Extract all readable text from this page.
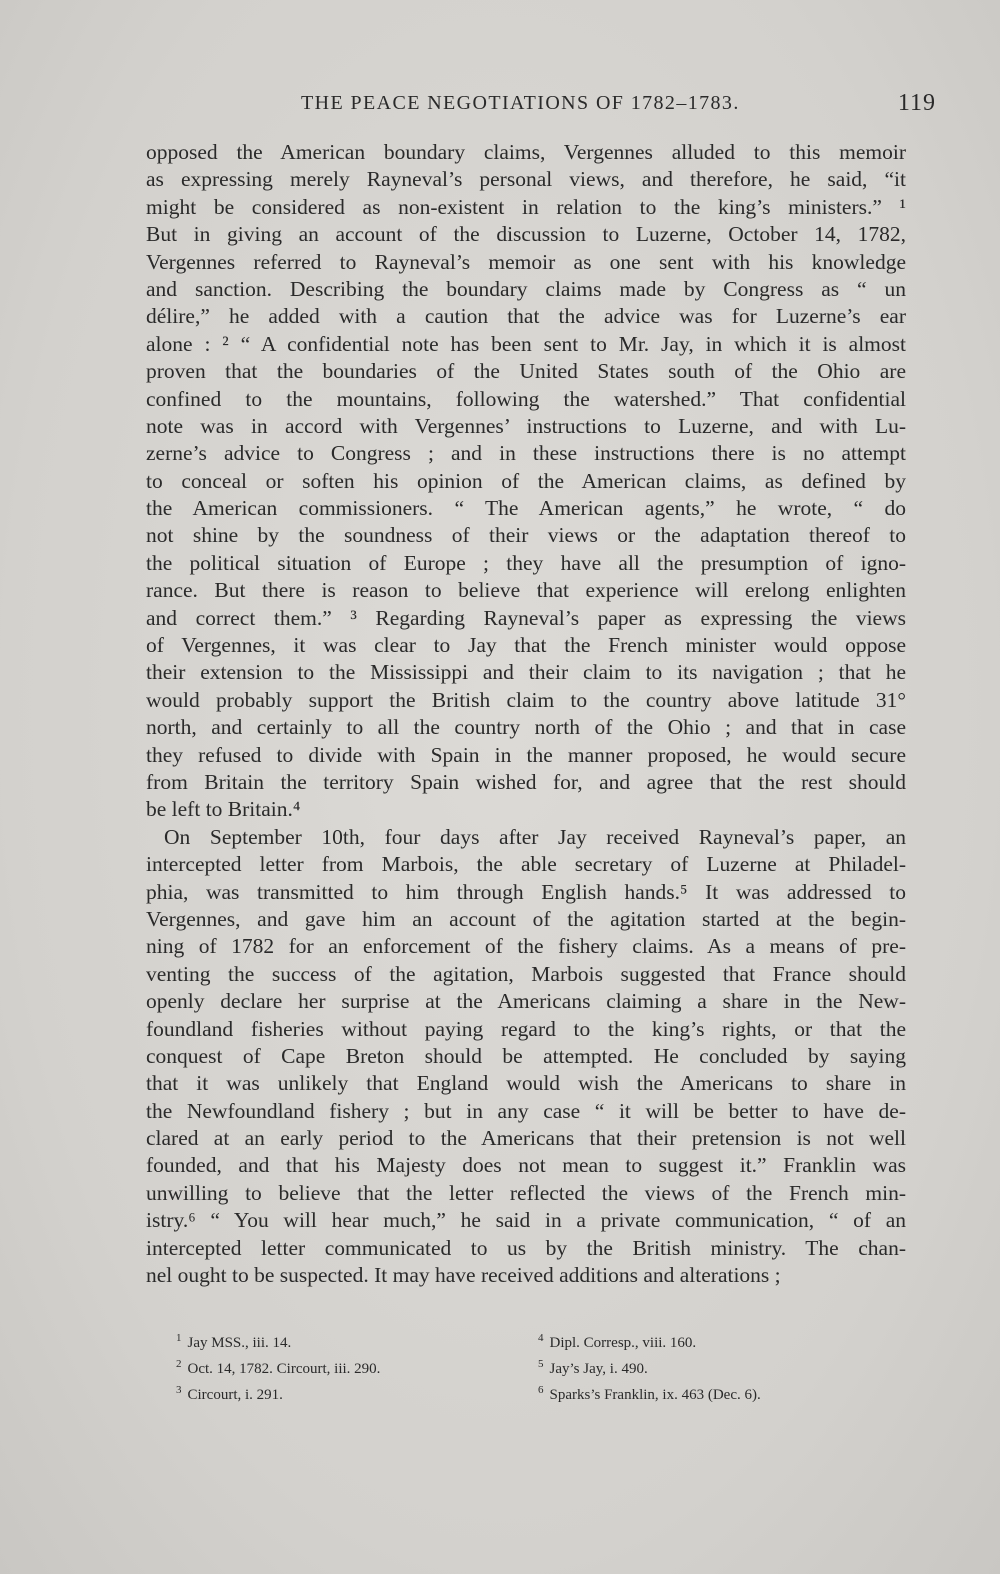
THE PEACE NEGOTIATIONS OF 1782–1783.	119
opposed the American boundary claims, Vergennes alluded to this memoir
as expressing merely Rayneval’s personal views, and therefore, he said, “it
might be considered as non-existent in relation to the king’s ministers.” ¹
But in giving an account of the discussion to Luzerne, October 14, 1782,
Vergennes referred to Rayneval’s memoir as one sent with his knowledge
and sanction. Describing the boundary claims made by Congress as “ un
délire,” he added with a caution that the advice was for Luzerne’s ear
alone : ² “ A confidential note has been sent to Mr. Jay, in which it is almost
proven that the boundaries of the United States south of the Ohio are
confined to the mountains, following the watershed.” That confidential
note was in accord with Vergennes’ instructions to Luzerne, and with Lu-
zerne’s advice to Congress ; and in these instructions there is no attempt
to conceal or soften his opinion of the American claims, as defined by
the American commissioners. “ The American agents,” he wrote, “ do
not shine by the soundness of their views or the adaptation thereof to
the political situation of Europe ; they have all the presumption of igno-
rance. But there is reason to believe that experience will erelong enlighten
and correct them.” ³ Regarding Rayneval’s paper as expressing the views
of Vergennes, it was clear to Jay that the French minister would oppose
their extension to the Mississippi and their claim to its navigation ; that he
would probably support the British claim to the country above latitude 31°
north, and certainly to all the country north of the Ohio ; and that in case
they refused to divide with Spain in the manner proposed, he would secure
from Britain the territory Spain wished for, and agree that the rest should
be left to Britain.⁴
On September 10th, four days after Jay received Rayneval’s paper, an
intercepted letter from Marbois, the able secretary of Luzerne at Philadel-
phia, was transmitted to him through English hands.⁵ It was addressed to
Vergennes, and gave him an account of the agitation started at the begin-
ning of 1782 for an enforcement of the fishery claims. As a means of pre-
venting the success of the agitation, Marbois suggested that France should
openly declare her surprise at the Americans claiming a share in the New-
foundland fisheries without paying regard to the king’s rights, or that the
conquest of Cape Breton should be attempted. He concluded by saying
that it was unlikely that England would wish the Americans to share in
the Newfoundland fishery ; but in any case “ it will be better to have de-
clared at an early period to the Americans that their pretension is not well
founded, and that his Majesty does not mean to suggest it.” Franklin was
unwilling to believe that the letter reflected the views of the French min-
istry.⁶ “ You will hear much,” he said in a private communication, “ of an
intercepted letter communicated to us by the British ministry. The chan-
nel ought to be suspected. It may have received additions and alterations ;
$^1$ Jay MSS., iii. 14.
$^2$ Oct. 14, 1782. Circourt, iii. 290.
$^3$ Circourt, i. 291.
$^4$ Dipl. Corresp., viii. 160.
$^5$ Jay’s Jay, i. 490.
$^6$ Sparks’s Franklin, ix. 463 (Dec. 6).
